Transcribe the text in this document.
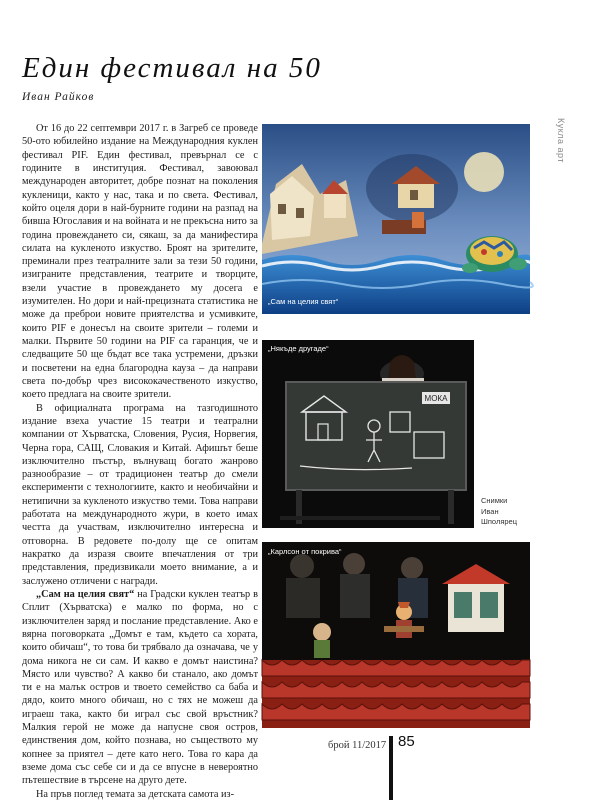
Един фестивал на 50
Иван Райков

От 16 до 22 септември 2017 г. в Загреб се проведе 50-ото юбилейно издание на Международния куклен фестивал PIF. Един фестивал, превърнал се с годините в институция. Фестивал, завоювал международен авторитет, добре познат на поколения кукленици, както у нас, така и по света. Фестивал, който оцеля дори в най-бурните години на разпад на бивша Югославия и на войната и не прекъсна нито за година провеждането си, сякаш, за да манифестира силата на кукленото изкуство. Броят на зрителите, преминали през театралните зали за тези 50 години, изиграните представления, театрите и творците, взели участие в провеждането му досега е изумителен. Но дори и най-прецизната статистика не може да преброи новите приятелства и усмивките, които PIF е донесъл на своите зрители – големи и малки. Първите 50 години на PIF са гаранция, че и следващите 50 ще бъдат все така устремени, дръзки и посветени на една благородна кауза – да направи света по-добър чрез висококачественото изкуство, което предлага на своите зрители.

В официалната програма на тазгодишното издание взеха участие 15 театри и театрални компании от Хърватска, Словения, Русия, Норвегия, Черна гора, САЩ, Словакия и Китай. Афишът беше изключително пъстър, вълнуващ богато жанрово разнообразие – от традиционен театър до смели експерименти с технологиите, както и необичайни и нетипични за кукленото изкуство теми. Това направи работата на международното жури, в което имах честта да участвам, изключително интересна и отговорна. В редовете по-долу ще се опитам накратко да изразя своите впечатления от три представления, предизвикали моето внимание, а и заслужено отличени с награди.

„Сам на целия свят“ на Градски куклен театър в Сплит (Хърватска) е малко по форма, но с изключителен заряд и послание представление. Ако е вярна поговорката „Домът е там, където са хората, които обичаш“, то това би трябвало да означава, че у дома никога не си сам. И какво е домът наистина? Място или чувство? А какво би станало, ако домът ти е на малък остров и твоето семейство са баба и дядо, които много обичаш, но с тях не можеш да играеш така, както би играл със свой връстник? Малкия герой не може да напусне своя остров, единствения дом, който познава, но съществото му копнее за приятел – дете като него. Това го кара да вземе дома със себе си и да се впусне в невероятно пътешествие в търсене на друго дете.

На пръв поглед темата за детската самота из-

„Сам на целия свят“
МОКА
„Някъде другаде“
Снимки
Иван
Шполярец
„Карлсон от покрива“
Кукла арт
брой 11/2017 85
